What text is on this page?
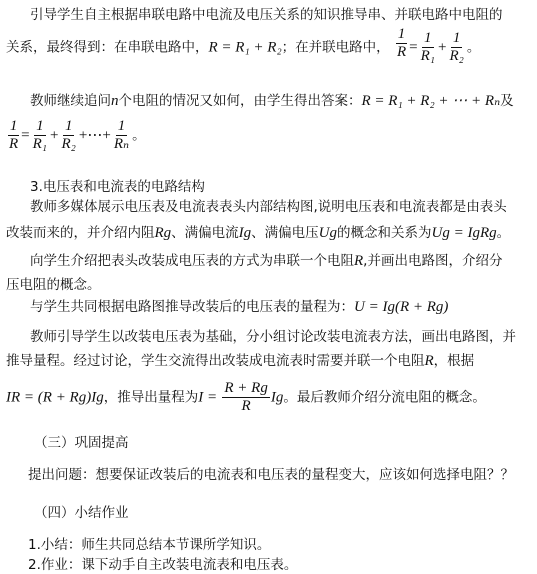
引导学生自主根据串联电路中电流及电压关系的知识推导串、并联电路中电阻的
关系，最终得到：在串联电路中，R = R₁ + R₂；在并联电路中， $\frac{1}{R} = \frac{1}{\text{R₁}} + \frac{1}{\text{R₂}}$ 。
教师继续追问n个电阻的情况又如何，由学生得出答案：R = R₁ + R₂ + ⋯ + Rₙ及
$\frac{1}{R} = \frac{1}{\text{R₁}} + \frac{1}{\text{R₂}}$ +⋯+ $\frac{1}{\text{Rₙ}}$ 。
3.电压表和电流表的电路结构
教师多媒体展示电压表及电流表表头内部结构图,说明电压表和电流表都是由表头
改装而来的，并介绍内阻Rg、满偏电流Ig、满偏电压Ug的概念和关系为Ug = IgRg。
向学生介绍把表头改装成电压表的方式为串联一个电阻R,并画出电路图，介绍分
压电阻的概念。
与学生共同根据电路图推导改装后的电压表的量程为：U = Ig(R + Rg)
教师引导学生以改装电压表为基础，分小组讨论改装电流表方法，画出电路图，并
推导量程。经过讨论，学生交流得出改装成电流表时需要并联一个电阻R，根据
IR = (R + Rg)Ig，推导出量程为$I = \frac{R + Rg}{R}$ Ig。最后教师介绍分流电阻的概念。
（三）巩固提高
提出问题：想要保证改装后的电流表和电压表的量程变大，应该如何选择电阻？？
（四）小结作业
1.小结：师生共同总结本节课所学知识。
2.作业：课下动手自主改装电流表和电压表。
